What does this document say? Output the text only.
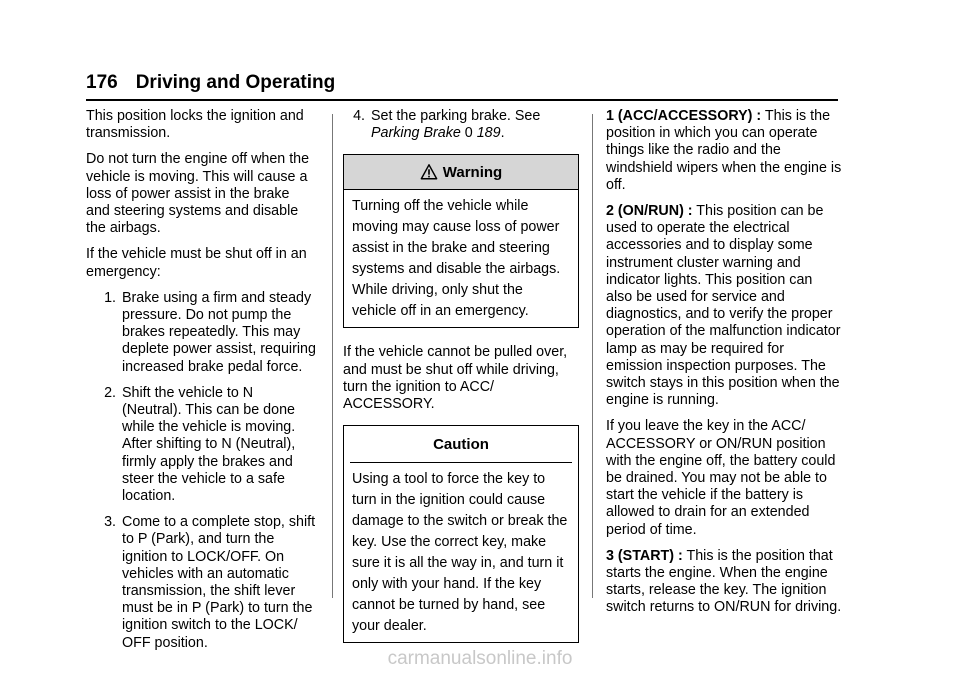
176 Driving and Operating

This position locks the ignition and transmission.

Do not turn the engine off when the vehicle is moving. This will cause a loss of power assist in the brake and steering systems and disable the airbags.

If the vehicle must be shut off in an emergency:

1. Brake using a firm and steady pressure. Do not pump the brakes repeatedly. This may deplete power assist, requiring increased brake pedal force.
2. Shift the vehicle to N (Neutral). This can be done while the vehicle is moving. After shifting to N (Neutral), firmly apply the brakes and steer the vehicle to a safe location.
3. Come to a complete stop, shift to P (Park), and turn the ignition to LOCK/OFF. On vehicles with an automatic transmission, the shift lever must be in P (Park) to turn the ignition switch to the LOCK/ OFF position.
4. Set the parking brake. See
Parking Brake 0 189.
Warning
Turning off the vehicle while moving may cause loss of power assist in the brake and steering systems and disable the airbags. While driving, only shut the vehicle off in an emergency.

If the vehicle cannot be pulled over, and must be shut off while driving, turn the ignition to ACC/ ACCESSORY.

Caution
Using a tool to force the key to turn in the ignition could cause damage to the switch or break the key. Use the correct key, make sure it is all the way in, and turn it only with your hand. If the key cannot be turned by hand, see your dealer.

1 (ACC/ACCESSORY) : This is the position in which you can operate things like the radio and the windshield wipers when the engine is off.

2 (ON/RUN) : This position can be used to operate the electrical accessories and to display some instrument cluster warning and indicator lights. This position can also be used for service and diagnostics, and to verify the proper operation of the malfunction indicator lamp as may be required for emission inspection purposes. The switch stays in this position when the engine is running.

If you leave the key in the ACC/ ACCESSORY or ON/RUN position with the engine off, the battery could be drained. You may not be able to start the vehicle if the battery is allowed to drain for an extended period of time.

3 (START) : This is the position that starts the engine. When the engine starts, release the key. The ignition switch returns to ON/RUN for driving.

carmanualsonline.info
